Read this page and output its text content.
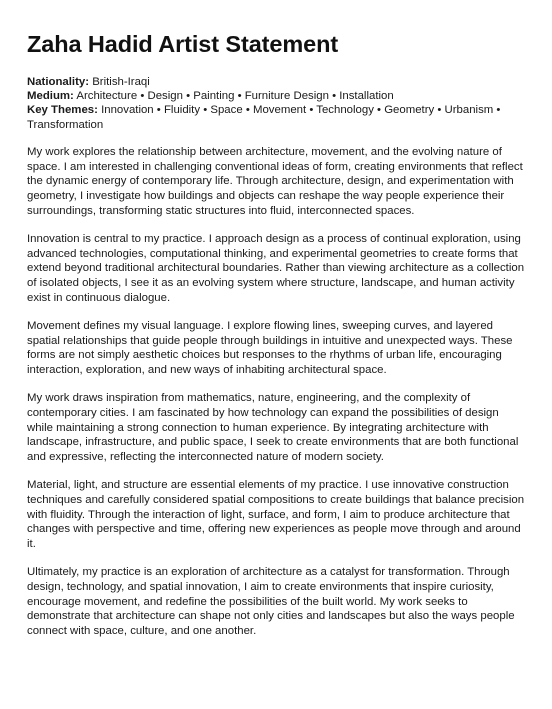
Zaha Hadid Artist Statement
Nationality: British-Iraqi
Medium: Architecture • Design • Painting • Furniture Design • Installation
Key Themes: Innovation • Fluidity • Space • Movement • Technology • Geometry • Urbanism • Transformation

My work explores the relationship between architecture, movement, and the evolving nature of space. I am interested in challenging conventional ideas of form, creating environments that reflect the dynamic energy of contemporary life. Through architecture, design, and experimentation with geometry, I investigate how buildings and objects can reshape the way people experience their surroundings, transforming static structures into fluid, interconnected spaces.

Innovation is central to my practice. I approach design as a process of continual exploration, using advanced technologies, computational thinking, and experimental geometries to create forms that extend beyond traditional architectural boundaries. Rather than viewing architecture as a collection of isolated objects, I see it as an evolving system where structure, landscape, and human activity exist in continuous dialogue.

Movement defines my visual language. I explore flowing lines, sweeping curves, and layered spatial relationships that guide people through buildings in intuitive and unexpected ways. These forms are not simply aesthetic choices but responses to the rhythms of urban life, encouraging interaction, exploration, and new ways of inhabiting architectural space.

My work draws inspiration from mathematics, nature, engineering, and the complexity of contemporary cities. I am fascinated by how technology can expand the possibilities of design while maintaining a strong connection to human experience. By integrating architecture with landscape, infrastructure, and public space, I seek to create environments that are both functional and expressive, reflecting the interconnected nature of modern society.

Material, light, and structure are essential elements of my practice. I use innovative construction techniques and carefully considered spatial compositions to create buildings that balance precision with fluidity. Through the interaction of light, surface, and form, I aim to produce architecture that changes with perspective and time, offering new experiences as people move through and around it.

Ultimately, my practice is an exploration of architecture as a catalyst for transformation. Through design, technology, and spatial innovation, I aim to create environments that inspire curiosity, encourage movement, and redefine the possibilities of the built world. My work seeks to demonstrate that architecture can shape not only cities and landscapes but also the ways people connect with space, culture, and one another.
